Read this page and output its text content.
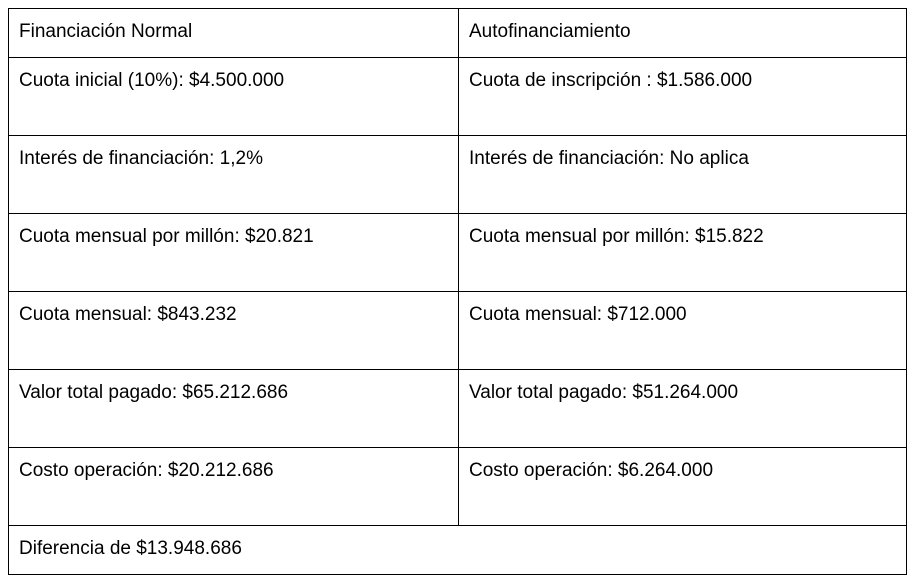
Financiación Normal	Autofinanciamiento
Cuota inicial (10%): $4.500.000	Cuota de inscripción : $1.586.000
Interés de financiación: 1,2%	Interés de financiación: No aplica
Cuota mensual por millón: $20.821	Cuota mensual por millón: $15.822
Cuota mensual: $843.232	Cuota mensual: $712.000
Valor total pagado: $65.212.686	Valor total pagado: $51.264.000
Costo operación: $20.212.686	Costo operación: $6.264.000
Diferencia de $13.948.686	
